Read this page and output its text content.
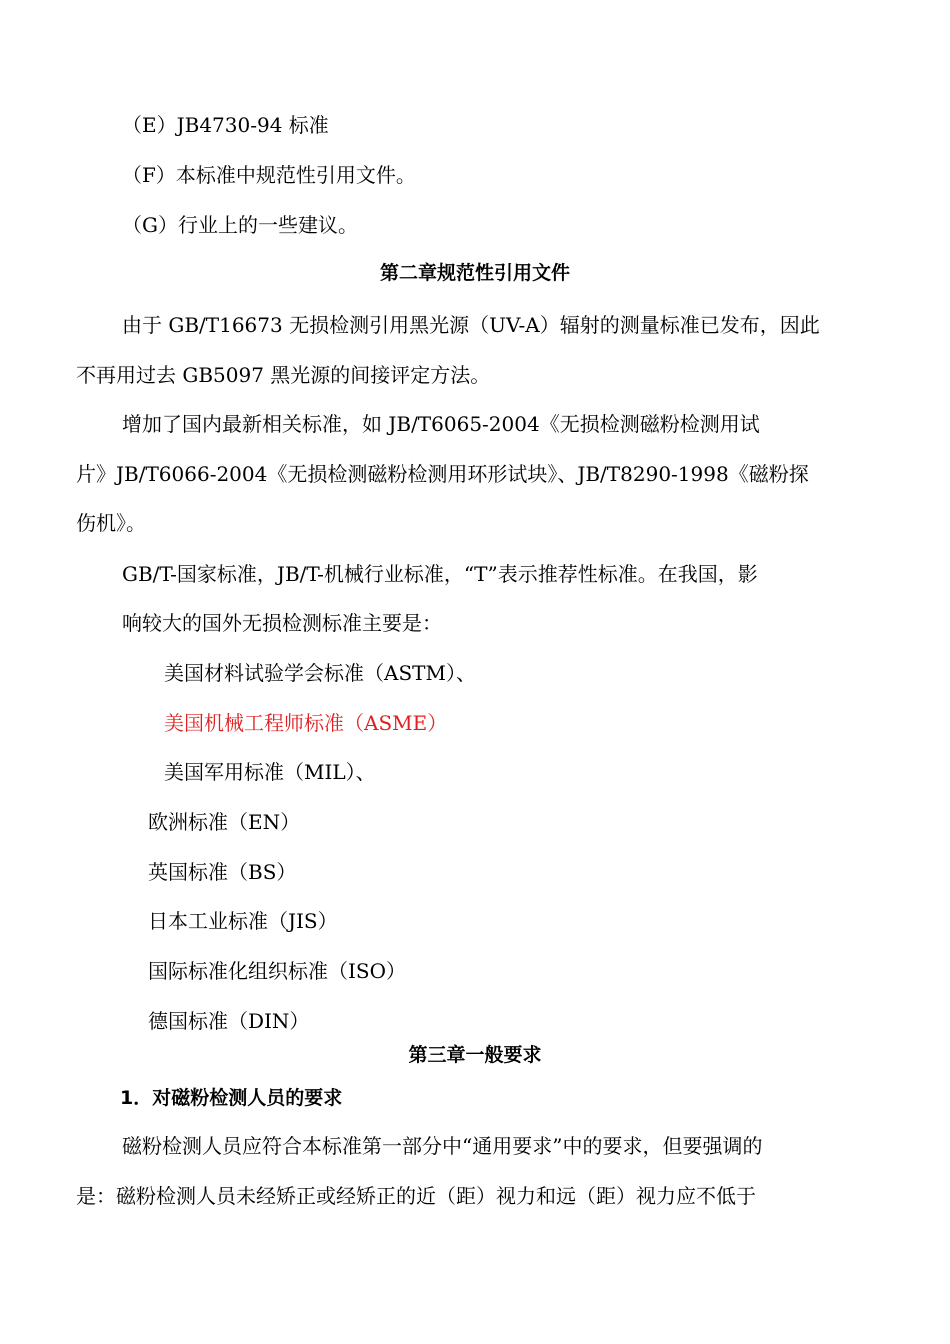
（E）JB4730-94 标准
（F）本标准中规范性引用文件。
（G）行业上的一些建议。
第二章规范性引用文件
由于 GB/T16673 无损检测引用黑光源（UV-A）辐射的测量标准已发布，因此
不再用过去 GB5097 黑光源的间接评定方法。
增加了国内最新相关标准，如 JB/T6065-2004《无损检测磁粉检测用试
片》JB/T6066-2004《无损检测磁粉检测用环形试块》、JB/T8290-1998《磁粉探
伤机》。
GB/T-国家标准，JB/T-机械行业标准，“T”表示推荐性标准。在我国，影
响较大的国外无损检测标准主要是：
美国材料试验学会标准（ASTM）、
美国机械工程师标准（ASME）
美国军用标准（MIL）、
欧洲标准（EN）
英国标准（BS）
日本工业标准（JIS）
国际标准化组织标准（ISO）
德国标准（DIN）
第三章一般要求
1．对磁粉检测人员的要求
磁粉检测人员应符合本标准第一部分中“通用要求”中的要求，但要强调的
是：磁粉检测人员未经矫正或经矫正的近（距）视力和远（距）视力应不低于
